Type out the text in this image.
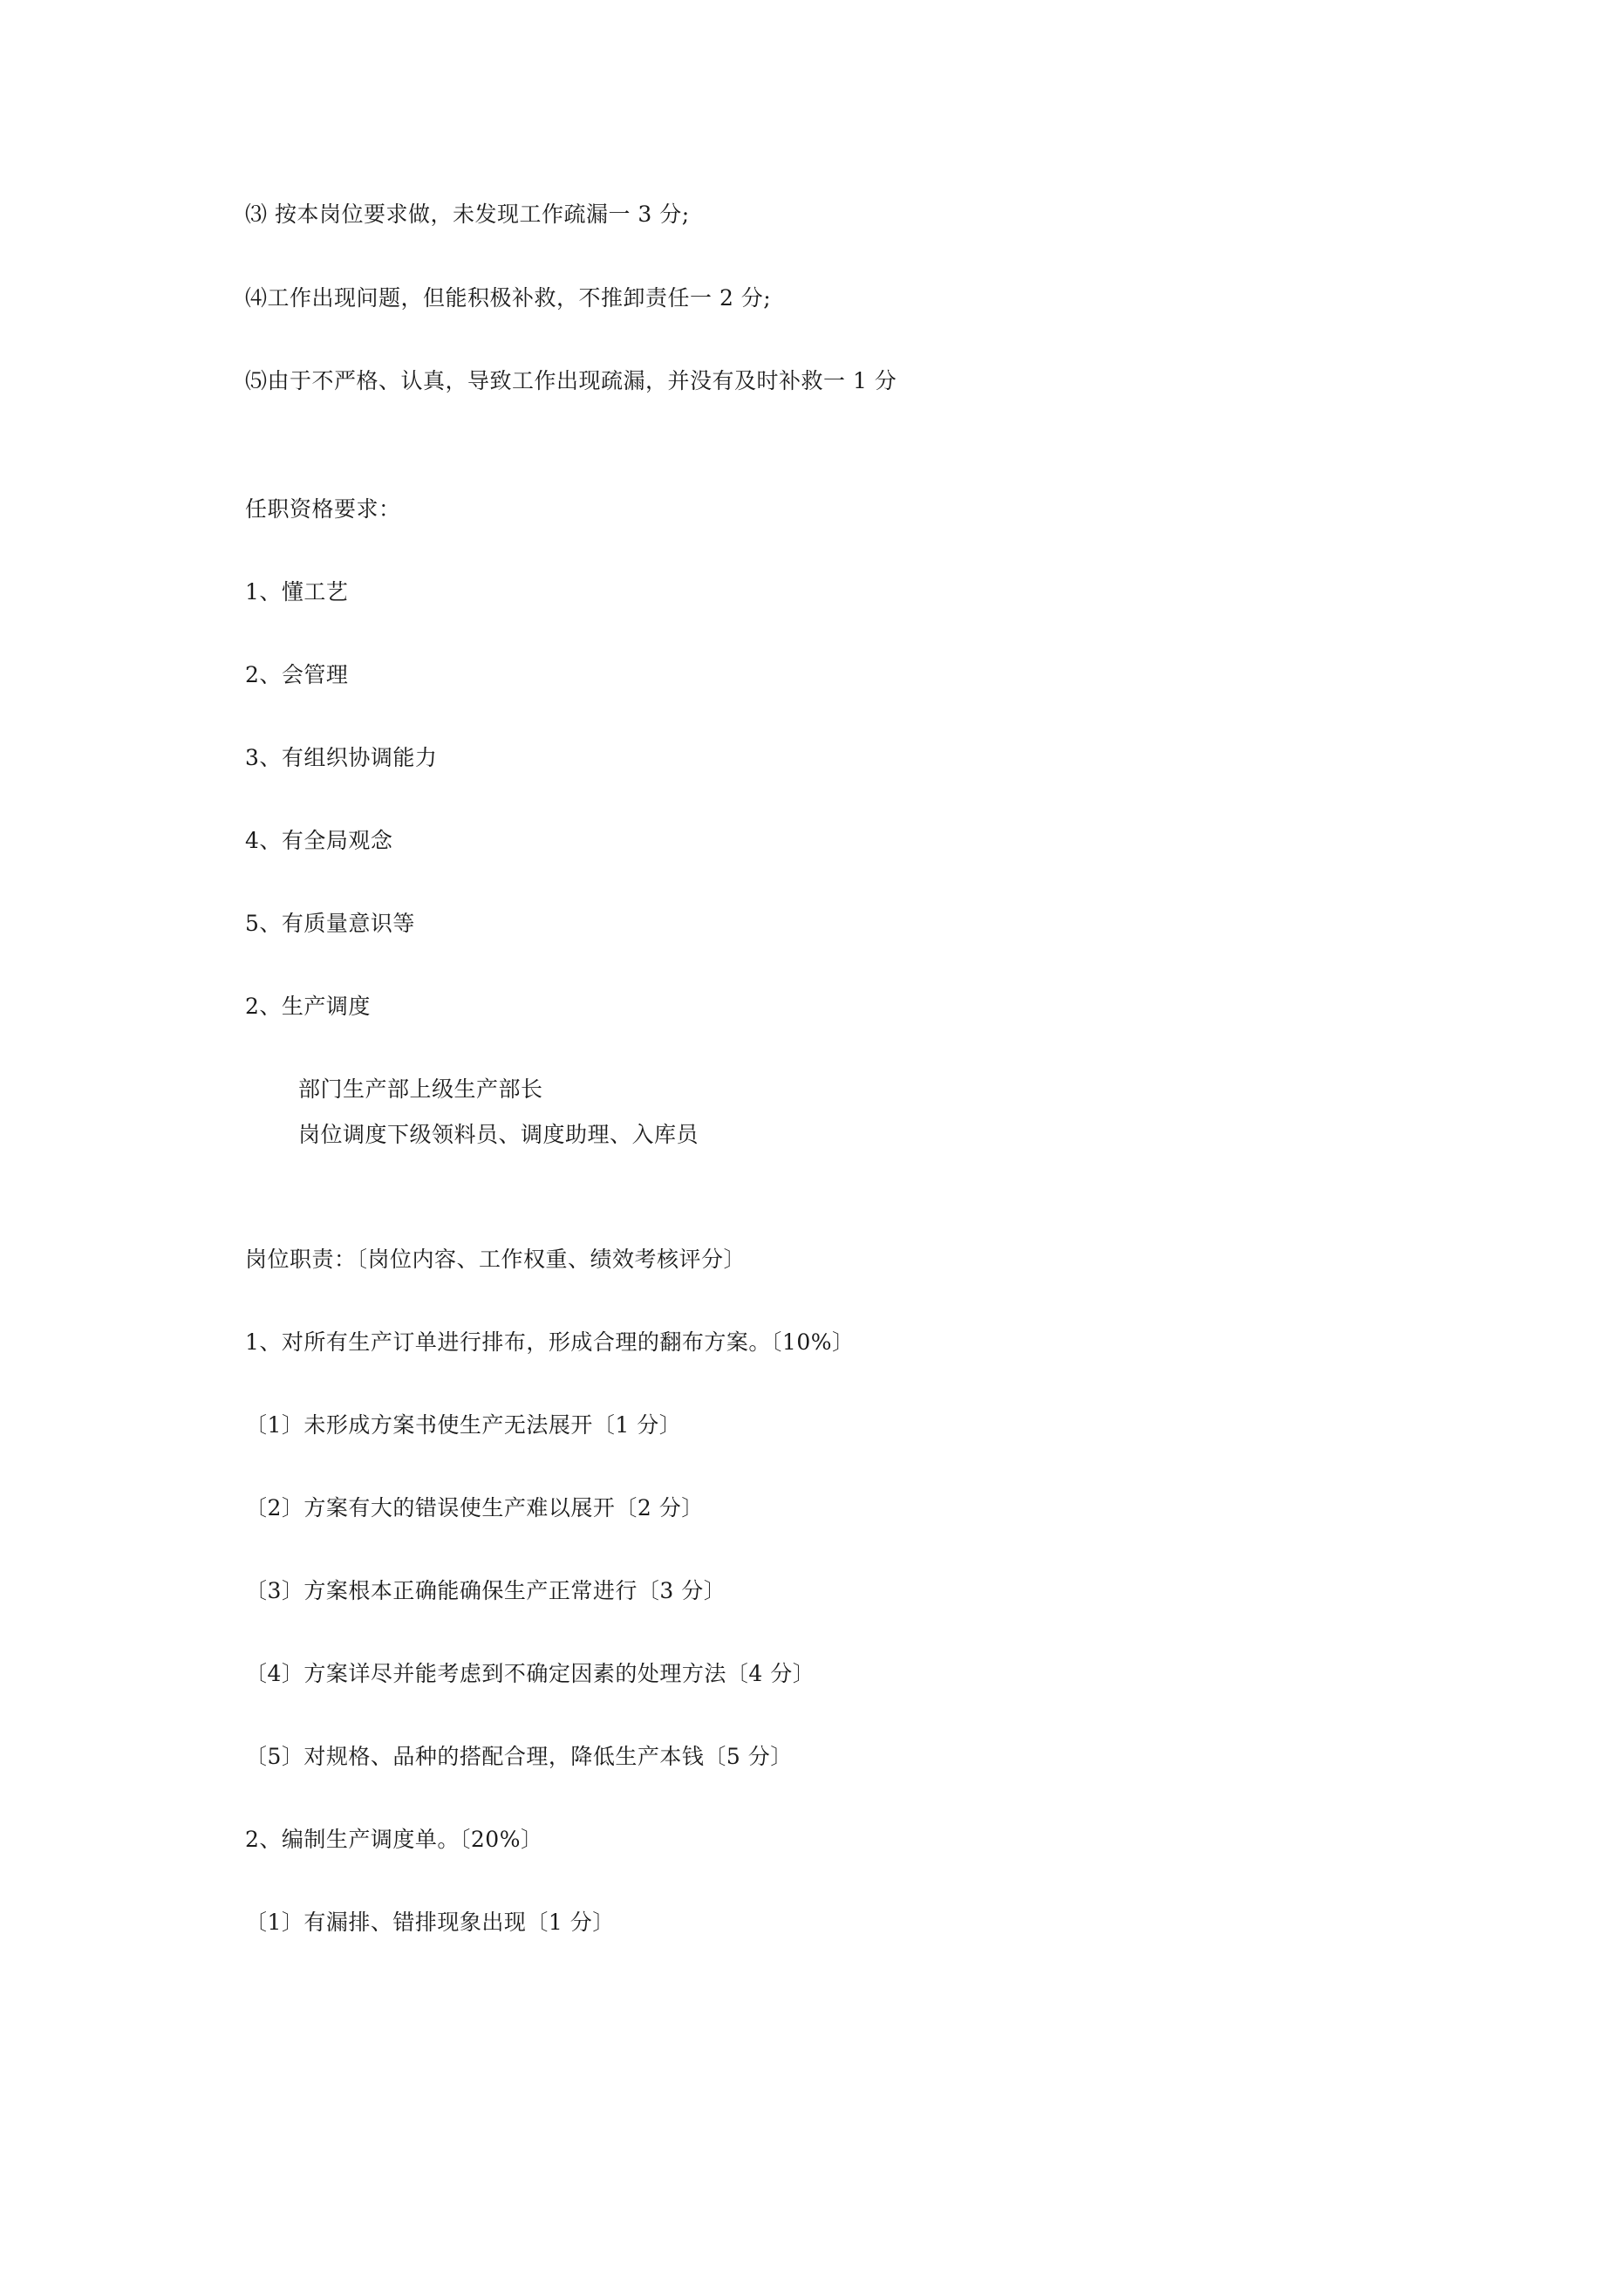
⑶ 按本岗位要求做，未发现工作疏漏一 3 分;
⑷工作出现问题，但能积极补救，不推卸责任一 2 分;
⑸由于不严格、认真，导致工作出现疏漏，并没有及时补救一 1 分
任职资格要求：
1、懂工艺
2、会管理
3、有组织协调能力
4、有全局观念
5、有质量意识等
2、生产调度
部门生产部上级生产部长
岗位调度下级领料员、调度助理、入库员
岗位职责：〔岗位内容、工作权重、绩效考核评分〕
1、对所有生产订单进行排布，形成合理的翻布方案。〔10%〕
〔1〕未形成方案书使生产无法展开〔1 分〕
〔2〕方案有大的错误使生产难以展开〔2 分〕
〔3〕方案根本正确能确保生产正常进行〔3 分〕
〔4〕方案详尽并能考虑到不确定因素的处理方法〔4 分〕
〔5〕对规格、品种的搭配合理，降低生产本钱〔5 分〕
2、编制生产调度单。〔20%〕
〔1〕有漏排、错排现象出现〔1 分〕
